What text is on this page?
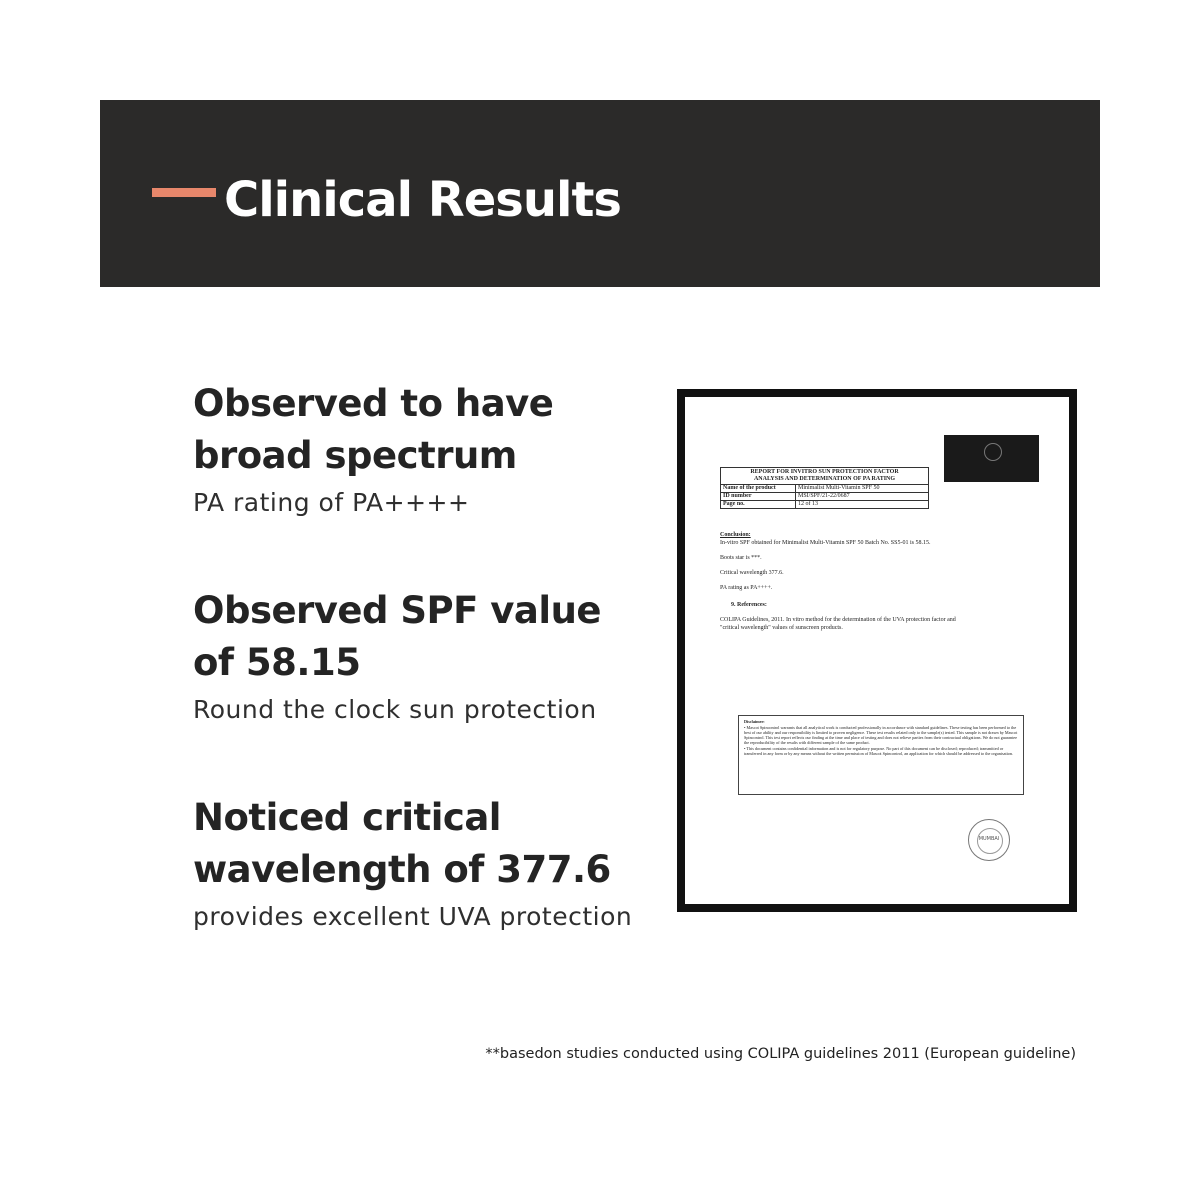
Clinical Results

Observed to have
broad spectrum

PA rating of PA++++

Observed SPF value
of 58.15

Round the clock sun protection

Noticed critical
wavelength of 377.6

provides excellent UVA protection

REPORT FOR INVITRO SUN PROTECTION FACTOR
ANALYSIS AND DETERMINATION OF PA RATING	
Name of the product	Minimalist Multi-Vitamin SPF 50
ID number	MSI/SPF/21-22/0687
Page no.	12 of 13
Conclusion:
In-vitro SPF obtained for Minimalist Multi-Vitamin SPF 50 Batch No. SS5-01 is 58.15.
Boots star is ***.
Critical wavelength 377.6.
PA rating as PA++++.
9. References:
COLIPA Guidelines, 2011. In vitro method for the determination of the UVA protection factor and
"critical wavelength" values of sunscreen products.

Disclaimer:

• Mascot Spincontrol warrants that all analytical work is conducted professionally in accordance with standard guidelines. These testing has been performed to the best of our ability and our responsibility is limited to proven negligence. These test results related only to the sample(s) tested. This sample is not drawn by Mascot Spincontrol. This test report reflects our finding at the time and place of testing and does not relieve parties from their contractual obligations. We do not guarantee the reproducibility of the results with different sample of the same product.

• This document contains confidential information and is not for regulatory purpose. No part of this document can be disclosed; reproduced; transmitted or transferred in any form or by any means without the written permission of Mascot Spincontrol, an application for which should be addressed to the organisation.

MUMBAI
**basedon studies conducted using COLIPA guidelines 2011 (European guideline)
